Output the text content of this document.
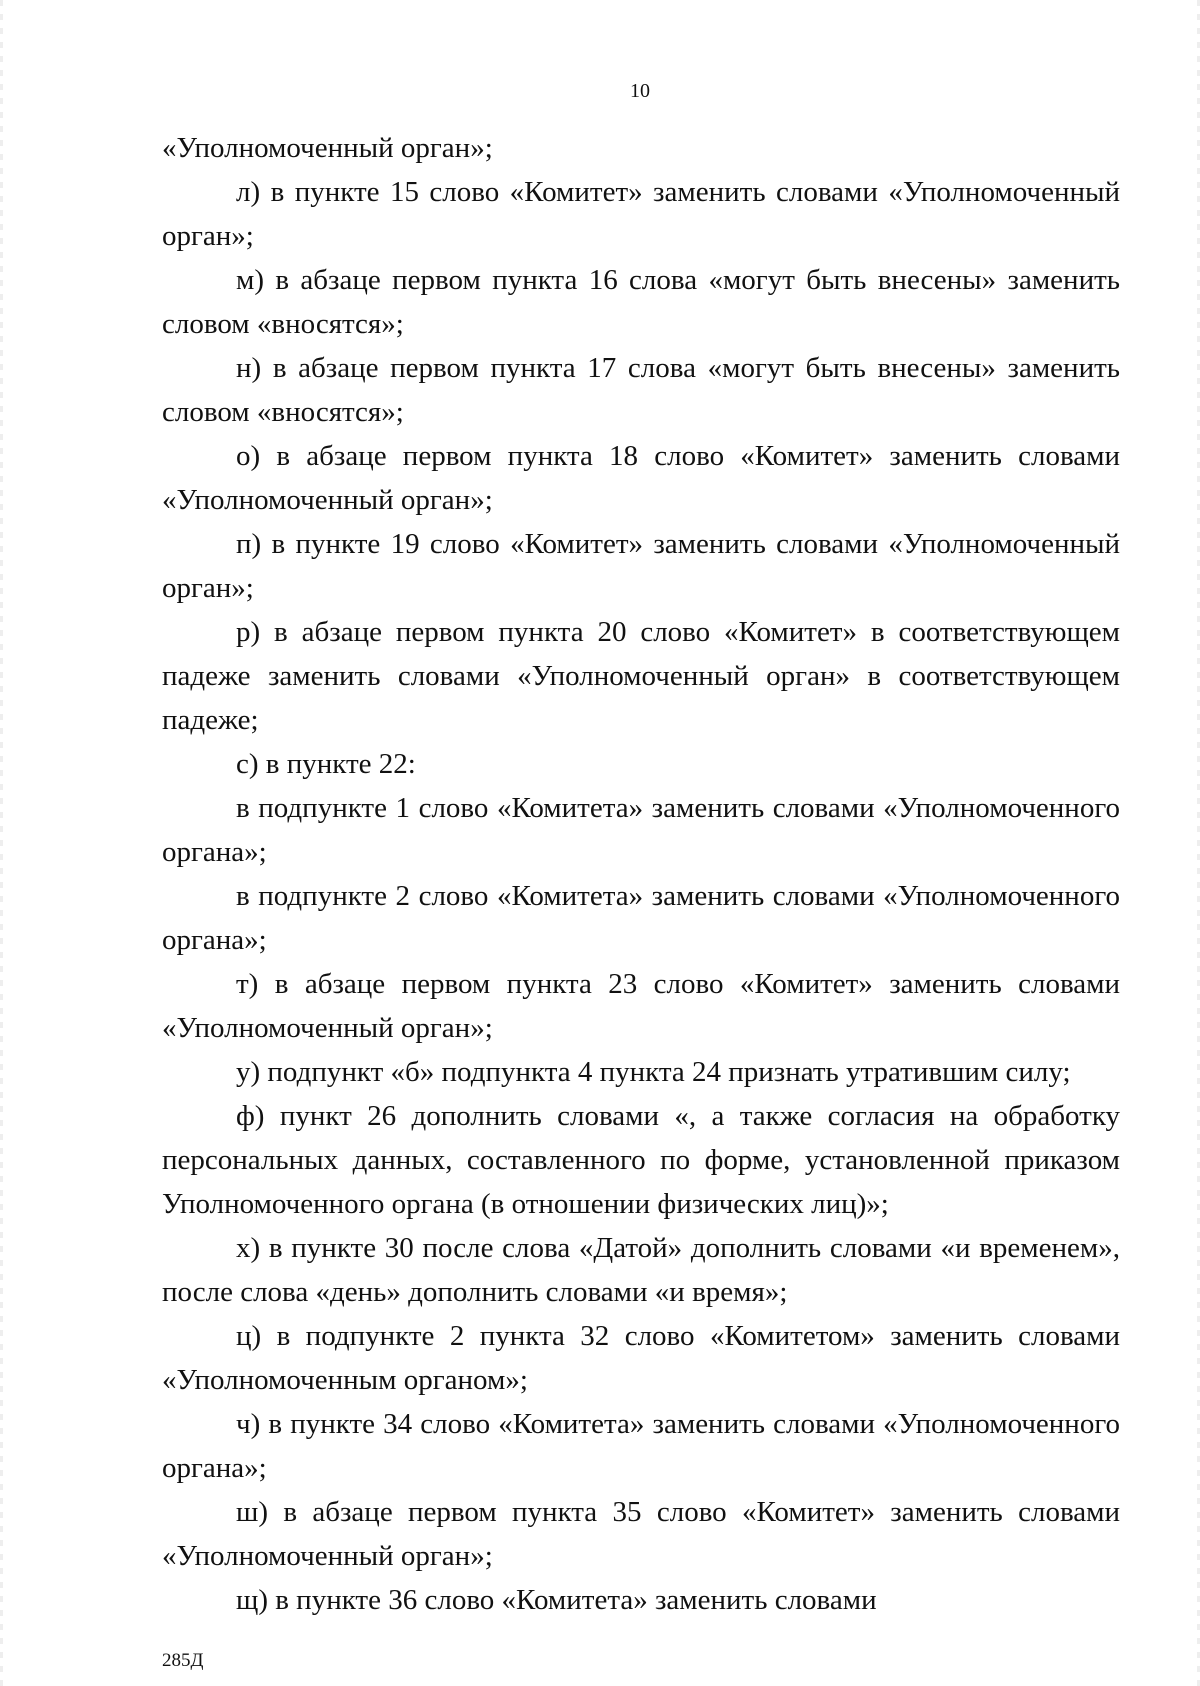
10

«Уполномоченный орган»;

л) в пункте 15 слово «Комитет» заменить словами «Уполномоченный орган»;

м) в абзаце первом пункта 16 слова «могут быть внесены» заменить словом «вносятся»;

н) в абзаце первом пункта 17 слова «могут быть внесены» заменить словом «вносятся»;

о) в абзаце первом пункта 18 слово «Комитет» заменить словами «Уполномоченный орган»;

п) в пункте 19 слово «Комитет» заменить словами «Уполномоченный орган»;

р) в абзаце первом пункта 20 слово «Комитет» в соответствующем падеже заменить словами «Уполномоченный орган» в соответствующем падеже;

с) в пункте 22:

в подпункте 1 слово «Комитета» заменить словами «Уполномоченного органа»;

в подпункте 2 слово «Комитета» заменить словами «Уполномоченного органа»;

т) в абзаце первом пункта 23 слово «Комитет» заменить словами «Уполномоченный орган»;

у) подпункт «б» подпункта 4 пункта 24 признать утратившим силу;

ф) пункт 26 дополнить словами «, а также согласия на обработку персональных данных, составленного по форме, установленной приказом Уполномоченного органа (в отношении физических лиц)»;

х) в пункте 30 после слова «Датой» дополнить словами «и временем», после слова «день» дополнить словами «и время»;

ц) в подпункте 2 пункта 32 слово «Комитетом» заменить словами «Уполномоченным органом»;

ч) в пункте 34 слово «Комитета» заменить словами «Уполномоченного органа»;

ш) в абзаце первом пункта 35 слово «Комитет» заменить словами «Уполномоченный орган»;

щ) в пункте 36 слово «Комитета» заменить словами

285Д
